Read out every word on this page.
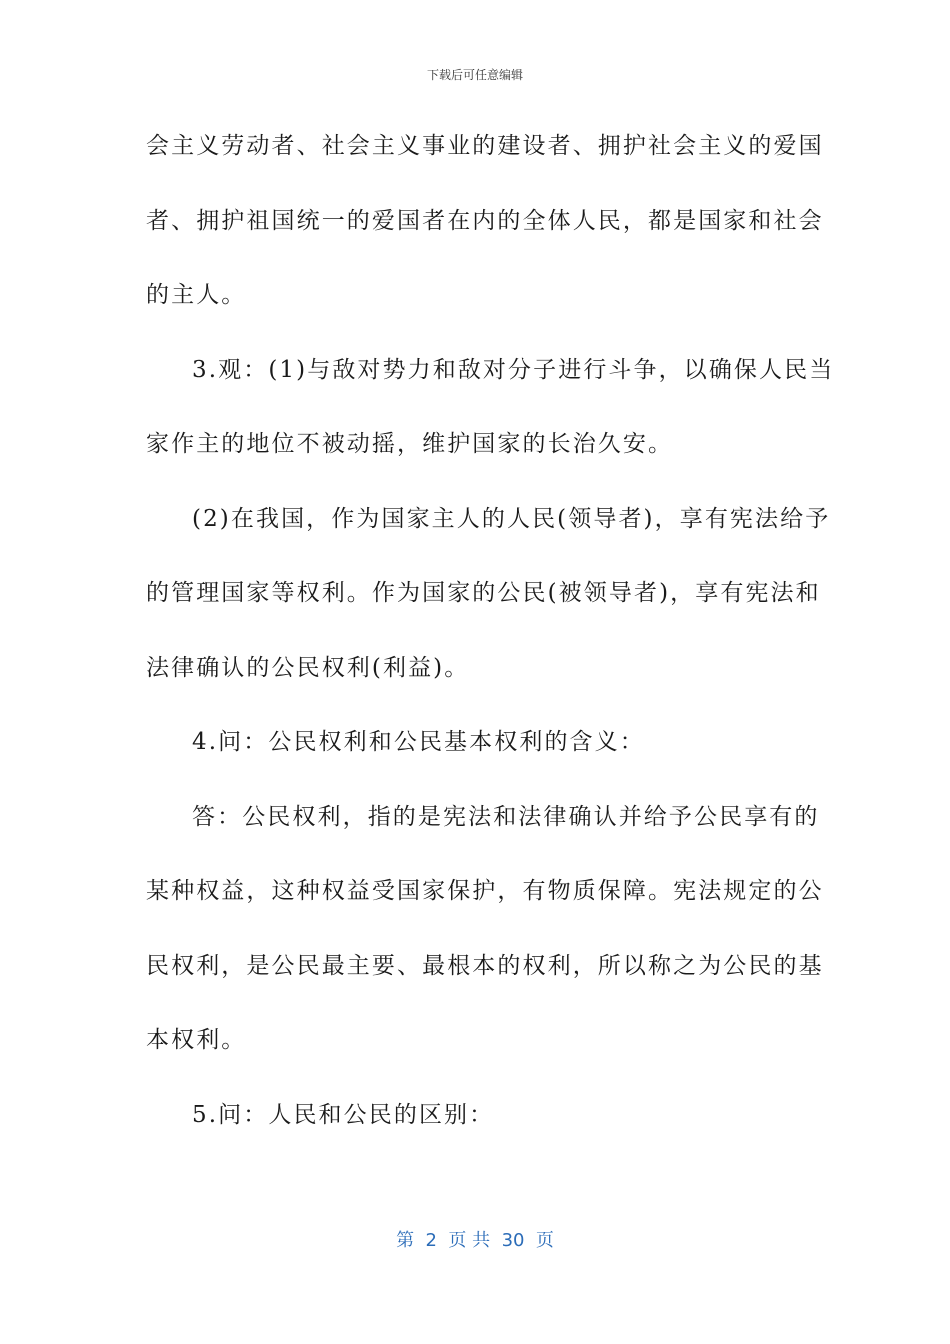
下载后可任意编辑
会主义劳动者、社会主义事业的建设者、拥护社会主义的爱国
者、拥护祖国统一的爱国者在内的全体人民，都是国家和社会
的主人。
3.观：(1)与敌对势力和敌对分子进行斗争，以确保人民当
家作主的地位不被动摇，维护国家的长治久安。
(2)在我国，作为国家主人的人民(领导者)，享有宪法给予
的管理国家等权利。作为国家的公民(被领导者)，享有宪法和
法律确认的公民权利(利益)。
4.问：公民权利和公民基本权利的含义：
答：公民权利，指的是宪法和法律确认并给予公民享有的
某种权益，这种权益受国家保护，有物质保障。宪法规定的公
民权利，是公民最主要、最根本的权利，所以称之为公民的基
本权利。
5.问：人民和公民的区别：
第  2  页 共  30  页
